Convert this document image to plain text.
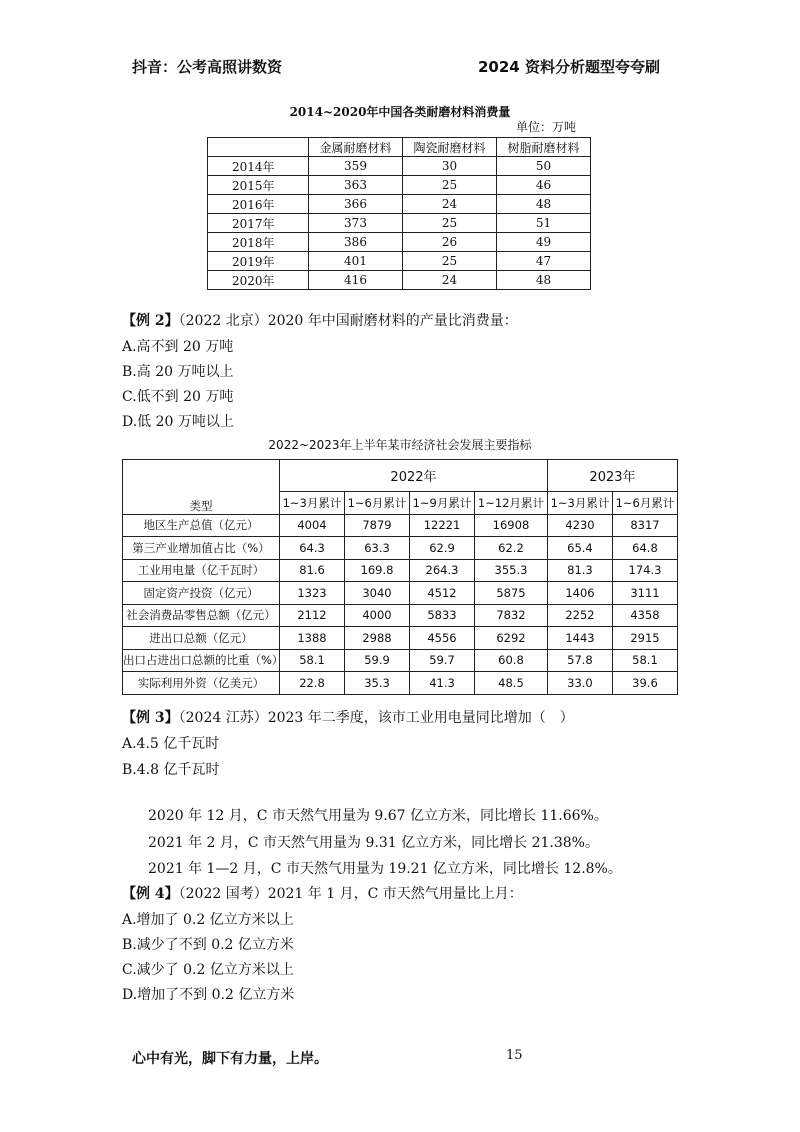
抖音：公考高照讲数资	2024 资料分析题型夸夸刷
2014~2020年中国各类耐磨材料消费量
单位：万吨
	金属耐磨材料	陶瓷耐磨材料	树脂耐磨材料
2014年	359	30	50
2015年	363	25	46
2016年	366	24	48
2017年	373	25	51
2018年	386	26	49
2019年	401	25	47
2020年	416	24	48
【例 2】（2022 北京）2020 年中国耐磨材料的产量比消费量：
A.高不到 20 万吨
B.高 20 万吨以上
C.低不到 20 万吨
D.低 20 万吨以上
2022~2023年上半年某市经济社会发展主要指标
类型	2022年				2023年	
	1~3月累计	1~6月累计	1~9月累计	1~12月累计	1~3月累计	1~6月累计
地区生产总值（亿元）	4004	7879	12221	16908	4230	8317
第三产业增加值占比（%）	64.3	63.3	62.9	62.2	65.4	64.8
工业用电量（亿千瓦时）	81.6	169.8	264.3	355.3	81.3	174.3
固定资产投资（亿元）	1323	3040	4512	5875	1406	3111
社会消费品零售总额（亿元）	2112	4000	5833	7832	2252	4358
进出口总额（亿元）	1388	2988	4556	6292	1443	2915
出口占进出口总额的比重（%）	58.1	59.9	59.7	60.8	57.8	58.1
实际利用外资（亿美元）	22.8	35.3	41.3	48.5	33.0	39.6
【例 3】（2024 江苏）2023 年二季度，该市工业用电量同比增加（　）
A.4.5 亿千瓦时
B.4.8 亿千瓦时
2020 年 12 月，C 市天然气用量为 9.67 亿立方米，同比增长 11.66%。
2021 年 2 月，C 市天然气用量为 9.31 亿立方米，同比增长 21.38%。
2021 年 1—2 月，C 市天然气用量为 19.21 亿立方米，同比增长 12.8%。
【例 4】（2022 国考）2021 年 1 月，C 市天然气用量比上月：
A.增加了 0.2 亿立方米以上
B.减少了不到 0.2 亿立方米
C.减少了 0.2 亿立方米以上
D.增加了不到 0.2 亿立方米
心中有光，脚下有力量，上岸。	15
